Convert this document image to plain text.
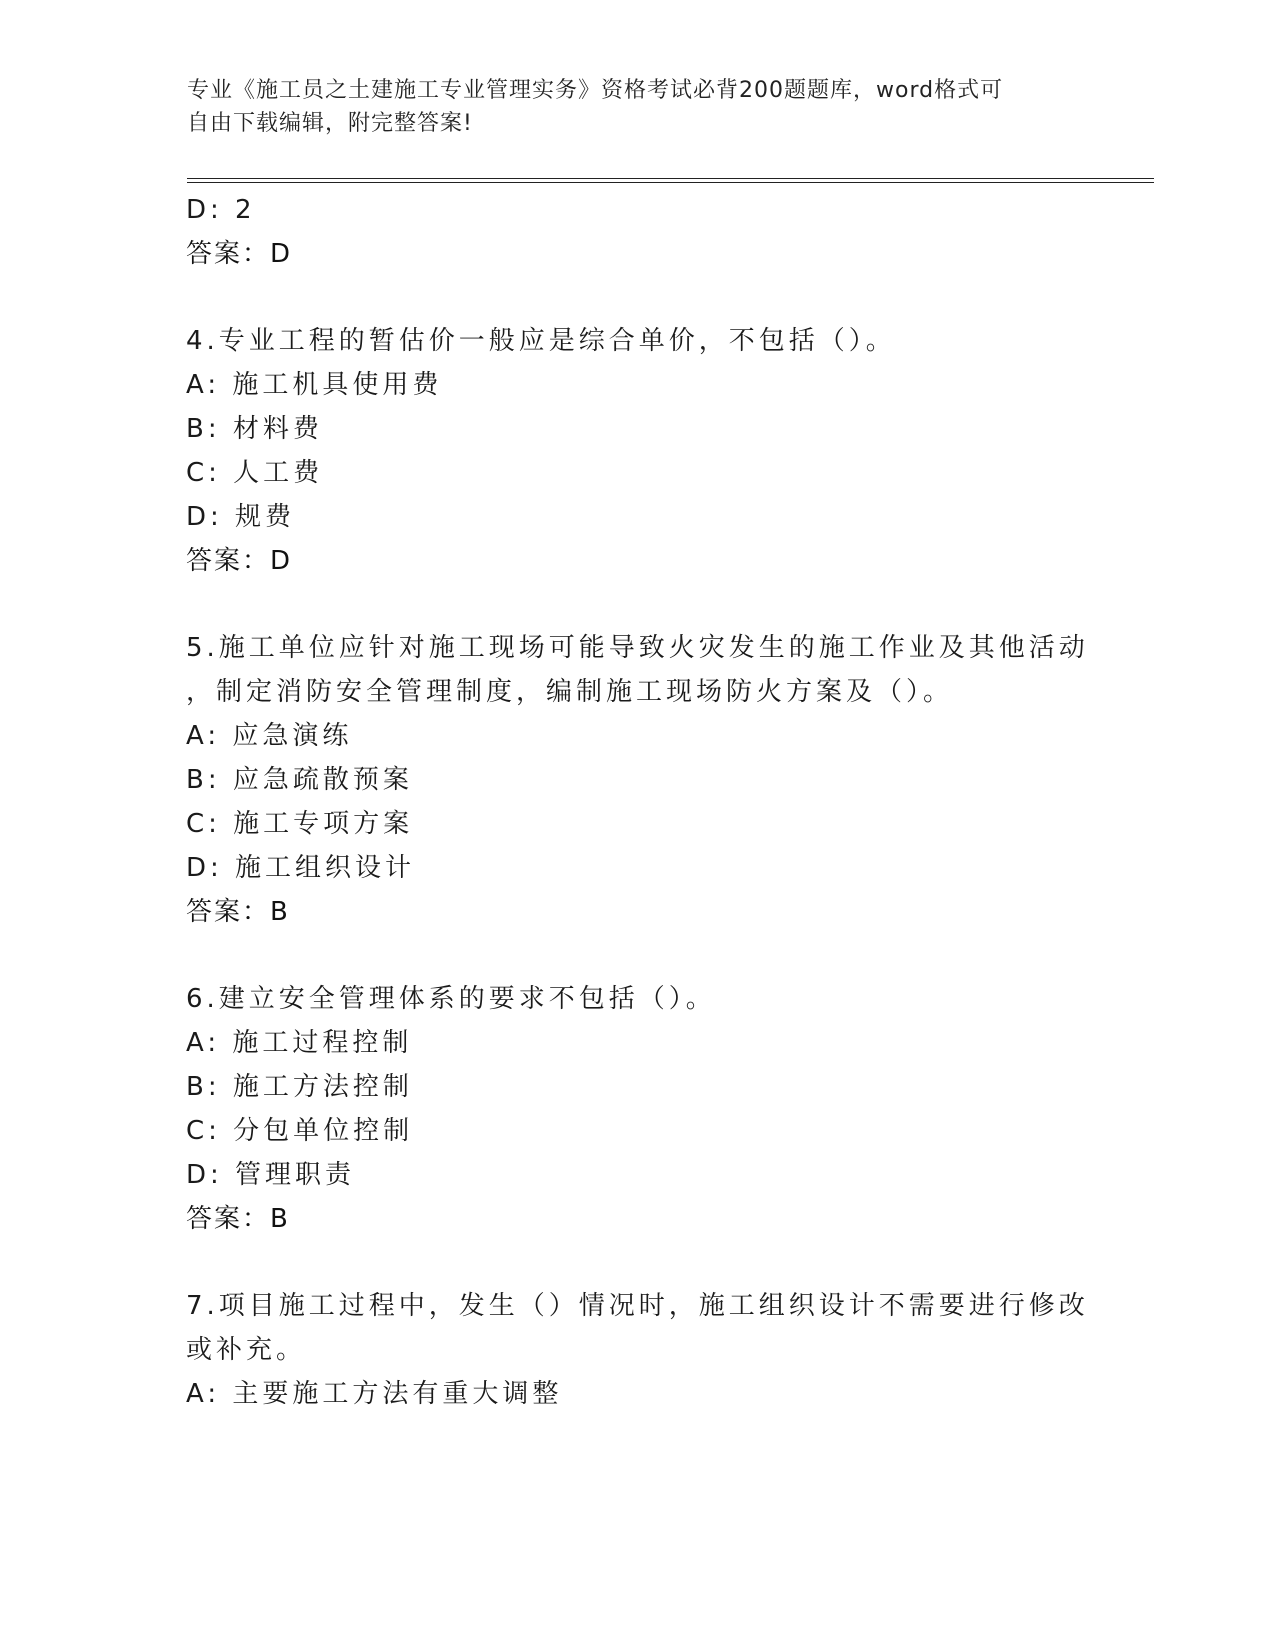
专业《施工员之土建施工专业管理实务》资格考试必背200题题库，word格式可
自由下载编辑，附完整答案!
D: 2
答案：D
4.专业工程的暂估价一般应是综合单价，不包括（）。
A: 施工机具使用费
B: 材料费
C: 人工费
D: 规费
答案：D
5.施工单位应针对施工现场可能导致火灾发生的施工作业及其他活动
，制定消防安全管理制度，编制施工现场防火方案及（）。
A: 应急演练
B: 应急疏散预案
C: 施工专项方案
D: 施工组织设计
答案：B
6.建立安全管理体系的要求不包括（）。
A: 施工过程控制
B: 施工方法控制
C: 分包单位控制
D: 管理职责
答案：B
7.项目施工过程中，发生（）情况时，施工组织设计不需要进行修改
或补充。
A: 主要施工方法有重大调整
